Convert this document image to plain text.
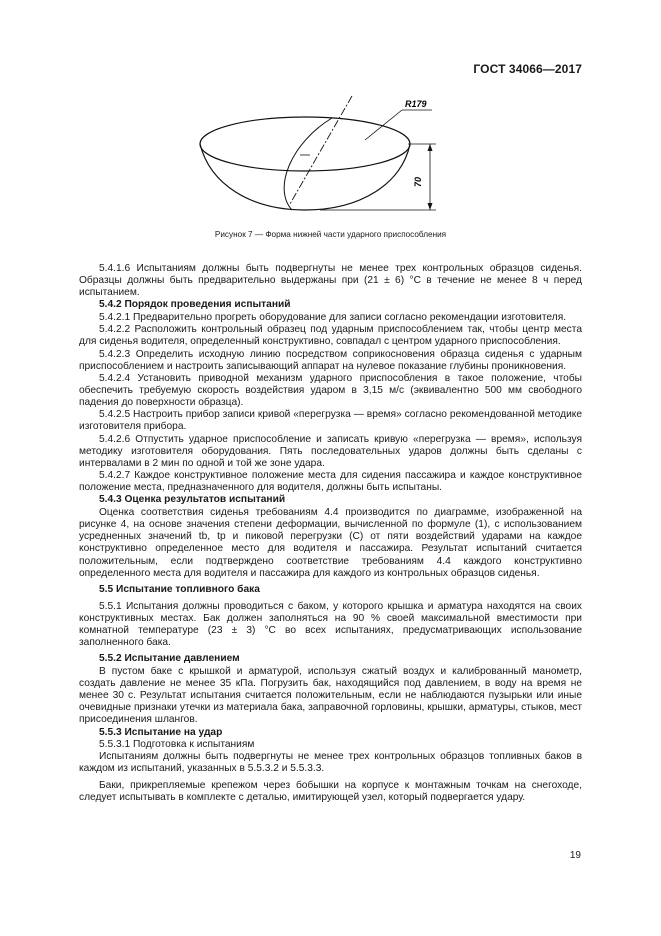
ГОСТ 34066—2017
70
R179
Рисунок 7 — Форма нижней части ударного приспособления

5.4.1.6 Испытаниям должны быть подвергнуты не менее трех контрольных образцов сиденья. Образцы должны быть предварительно выдержаны при (21 ± 6) °С в течение не менее 8 ч перед испытанием.

5.4.2 Порядок проведения испытаний

5.4.2.1 Предварительно прогреть оборудование для записи согласно рекомендации изготовителя.

5.4.2.2 Расположить контрольный образец под ударным приспособлением так, чтобы центр места для сиденья водителя, определенный конструктивно, совпадал с центром ударного приспособления.

5.4.2.3 Определить исходную линию посредством соприкосновения образца сиденья с ударным приспособлением и настроить записывающий аппарат на нулевое показание глубины проникновения.

5.4.2.4 Установить приводной механизм ударного приспособления в такое положение, чтобы обеспечить требуемую скорость воздействия ударом в 3,15 м/с (эквивалентно 500 мм свободного падения до поверхности образца).

5.4.2.5 Настроить прибор записи кривой «перегрузка — время» согласно рекомендованной методике изготовителя прибора.

5.4.2.6 Отпустить ударное приспособление и записать кривую «перегрузка — время», используя методику изготовителя оборудования. Пять последовательных ударов должны быть сделаны с интервалами в 2 мин по одной и той же зоне удара.

5.4.2.7 Каждое конструктивное положение места для сидения пассажира и каждое конструктивное положение места, предназначенного для водителя, должны быть испытаны.

5.4.3 Оценка результатов испытаний

Оценка соответствия сиденья требованиям 4.4 производится по диаграмме, изображенной на рисунке 4, на основе значения степени деформации, вычисленной по формуле (1), с использованием усредненных значений tb, tp и пиковой перегрузки (С) от пяти воздействий ударами на каждое конструктивно определенное место для водителя и пассажира. Результат испытаний считается положительным, если подтверждено соответствие требованиям 4.4 каждого конструктивно определенного места для водителя и пассажира для каждого из контрольных образцов сиденья.

5.5 Испытание топливного бака

5.5.1 Испытания должны проводиться с баком, у которого крышка и арматура находятся на своих конструктивных местах. Бак должен заполняться на 90 % своей максимальной вместимости при комнатной температуре (23 ± 3) °С во всех испытаниях, предусматривающих использование заполненного бака.

5.5.2 Испытание давлением

В пустом баке с крышкой и арматурой, используя сжатый воздух и калиброванный манометр, создать давление не менее 35 кПа. Погрузить бак, находящийся под давлением, в воду на время не менее 30 с. Результат испытания считается положительным, если не наблюдаются пузырьки или иные очевидные признаки утечки из материала бака, заправочной горловины, крышки, арматуры, стыков, мест присоединения шлангов.

5.5.3 Испытание на удар

5.5.3.1 Подготовка к испытаниям

Испытаниям должны быть подвергнуты не менее трех контрольных образцов топливных баков в каждом из испытаний, указанных в 5.5.3.2 и 5.5.3.3.

Баки, прикрепляемые крепежом через бобышки на корпусе к монтажным точкам на снегоходе, следует испытывать в комплекте с деталью, имитирующей узел, который подвергается удару.

19
